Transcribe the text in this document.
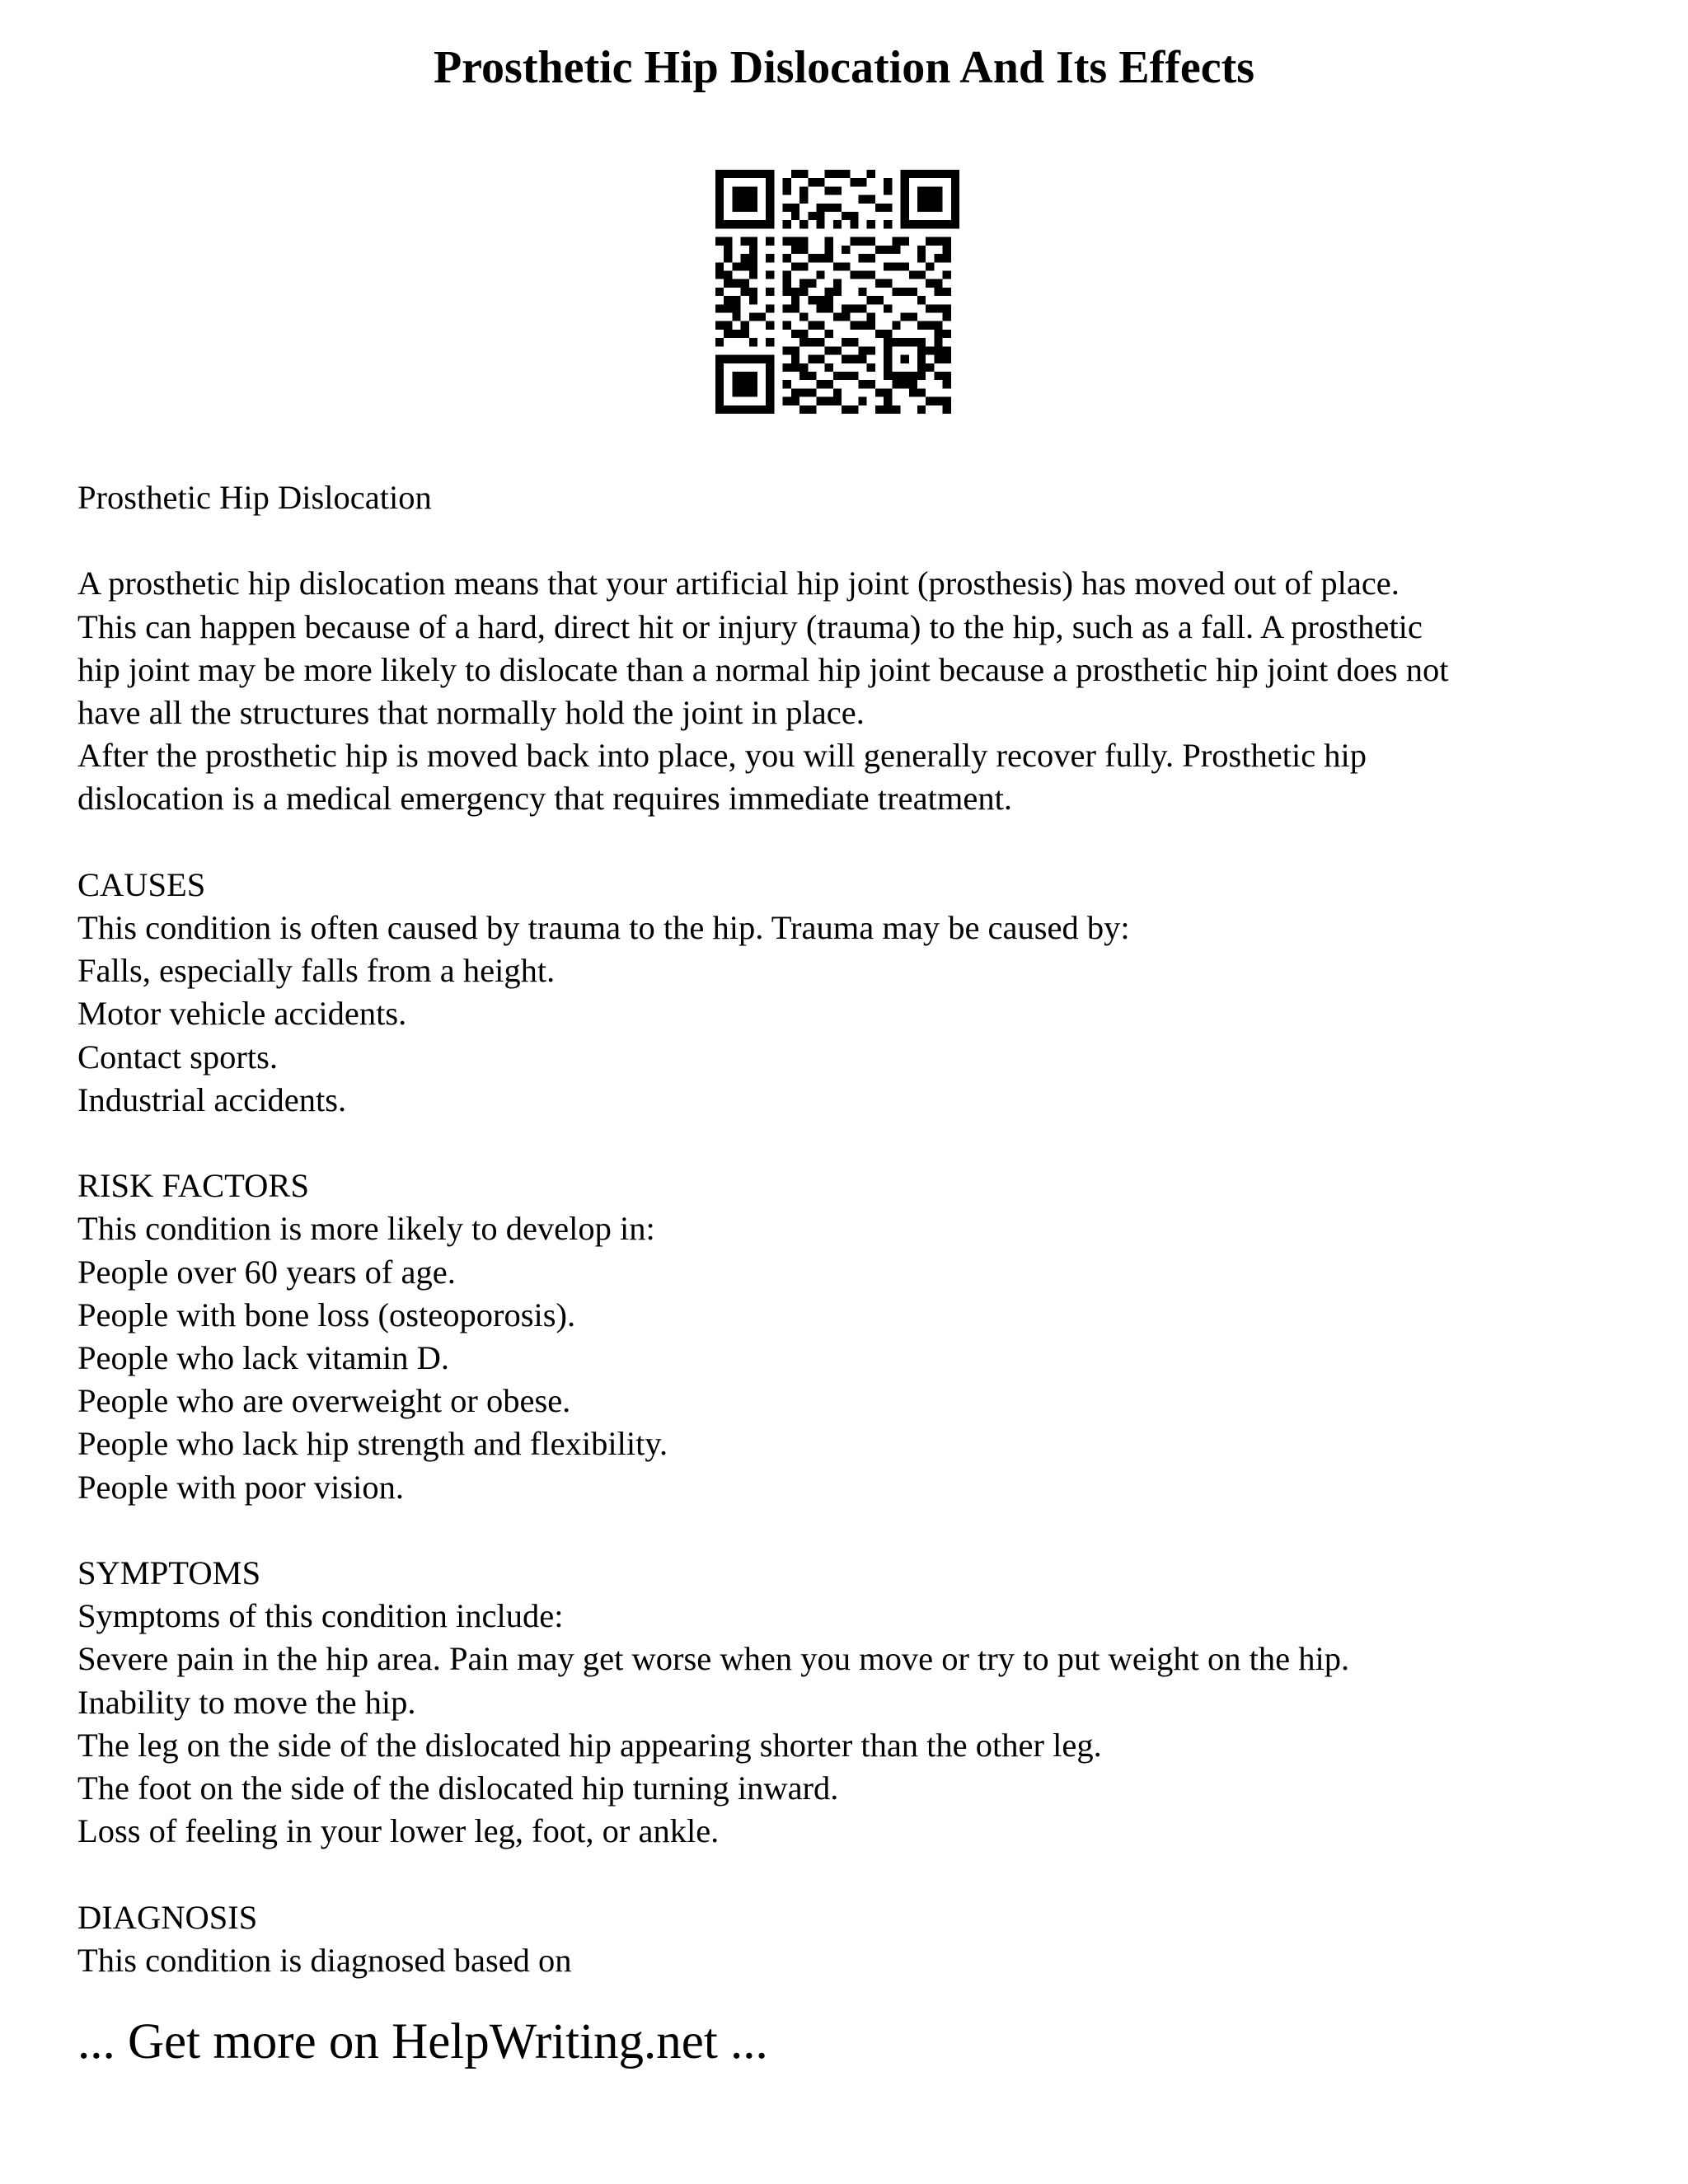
Prosthetic Hip Dislocation And Its Effects
Prosthetic Hip Dislocation
A prosthetic hip dislocation means that your artificial hip joint (prosthesis) has moved out of place.
This can happen because of a hard, direct hit or injury (trauma) to the hip, such as a fall. A prosthetic
hip joint may be more likely to dislocate than a normal hip joint because a prosthetic hip joint does not
have all the structures that normally hold the joint in place.
After the prosthetic hip is moved back into place, you will generally recover fully. Prosthetic hip
dislocation is a medical emergency that requires immediate treatment.
CAUSES
This condition is often caused by trauma to the hip. Trauma may be caused by:
Falls, especially falls from a height.
Motor vehicle accidents.
Contact sports.
Industrial accidents.
RISK FACTORS
This condition is more likely to develop in:
People over 60 years of age.
People with bone loss (osteoporosis).
People who lack vitamin D.
People who are overweight or obese.
People who lack hip strength and flexibility.
People with poor vision.
SYMPTOMS
Symptoms of this condition include:
Severe pain in the hip area. Pain may get worse when you move or try to put weight on the hip.
Inability to move the hip.
The leg on the side of the dislocated hip appearing shorter than the other leg.
The foot on the side of the dislocated hip turning inward.
Loss of feeling in your lower leg, foot, or ankle.
DIAGNOSIS
This condition is diagnosed based on
... Get more on HelpWriting.net ...
